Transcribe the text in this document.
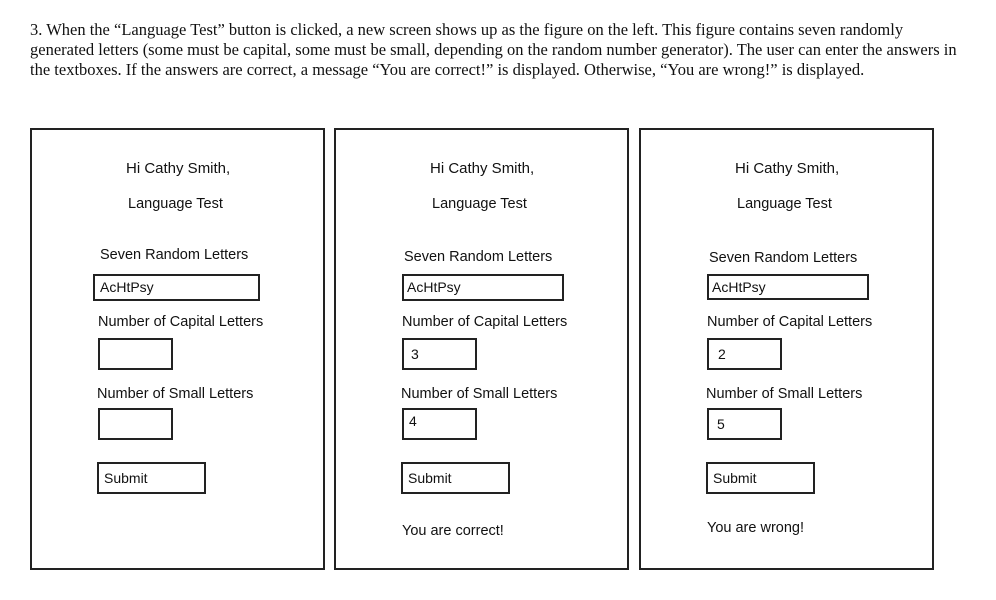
3. When the “Language Test” button is clicked, a new screen shows up as the figure on the left. This figure contains seven randomly generated letters (some must be capital, some must be small, depending on the random number generator). The user can enter the answers in the textboxes. If the answers are correct, a message “You are correct!” is displayed. Otherwise, “You are wrong!” is displayed.

Hi Cathy Smith,
Language Test
Seven Random Letters
AcHtPsy
Number of Capital Letters
Number of Small Letters
Submit
Hi Cathy Smith,
Language Test
Seven Random Letters
AcHtPsy
Number of Capital Letters
3
Number of Small Letters
4
Submit
You are correct!
Hi Cathy Smith,
Language Test
Seven Random Letters
AcHtPsy
Number of Capital Letters
2
Number of Small Letters
5
Submit
You are wrong!
